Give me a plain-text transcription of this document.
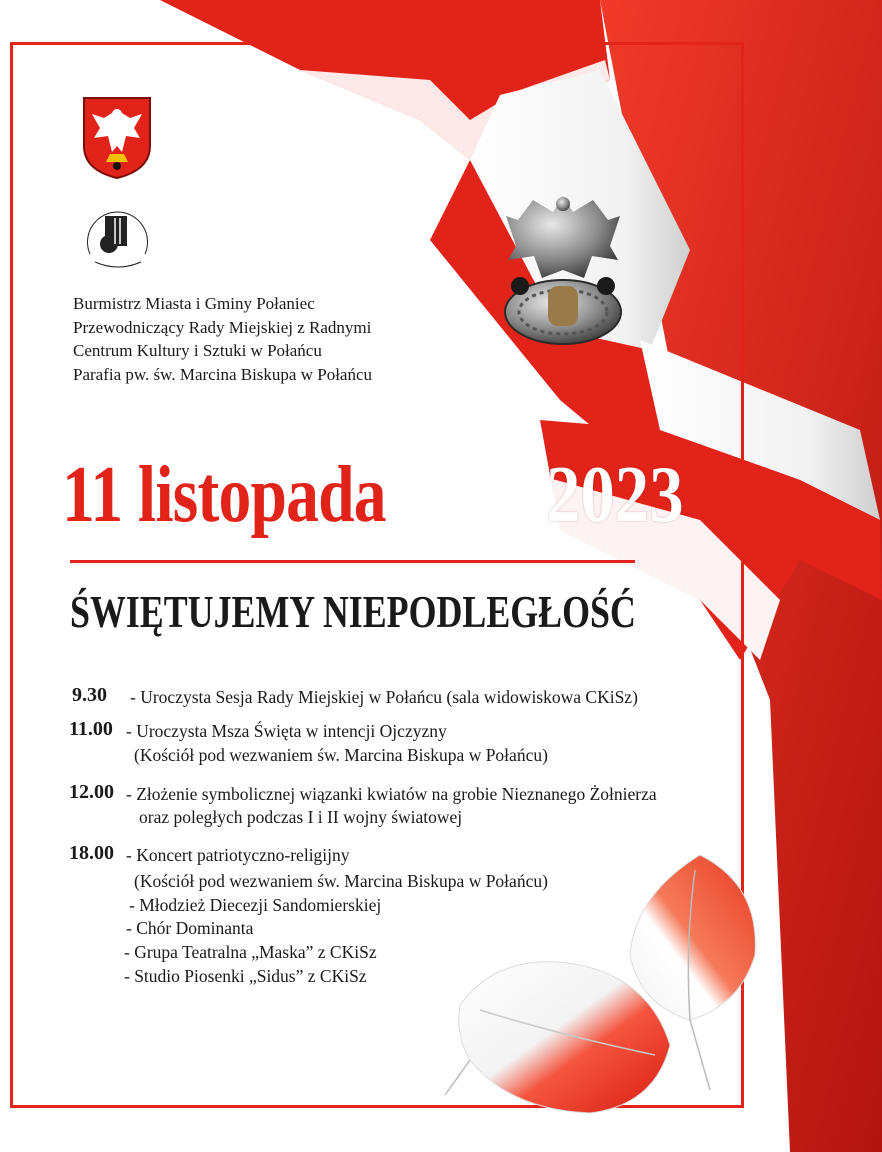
Burmistrz Miasta i Gminy Połaniec
Przewodniczący Rady Miejskiej z Radnymi
Centrum Kultury i Sztuki w Połańcu
Parafia pw. św. Marcina Biskupa w Połańcu
11 listopada 2023
ŚWIĘTUJEMY NIEPODLEGŁOŚĆ
9.30 - Uroczysta Sesja Rady Miejskiej w Połańcu (sala widowiskowa CKiSz)
11.00 - Uroczysta Msza Święta w intencji Ojczyzny
(Kościół pod wezwaniem św. Marcina Biskupa w Połańcu)
12.00 - Złożenie symbolicznej wiązanki kwiatów na grobie Nieznanego Żołnierza
oraz poległych podczas I i II wojny światowej
18.00 - Koncert patriotyczno-religijny
(Kościół pod wezwaniem św. Marcina Biskupa w Połańcu)
- Młodzież Diecezji Sandomierskiej
- Chór Dominanta
- Grupa Teatralna „Maska” z CKiSz
- Studio Piosenki „Sidus” z CKiSz
